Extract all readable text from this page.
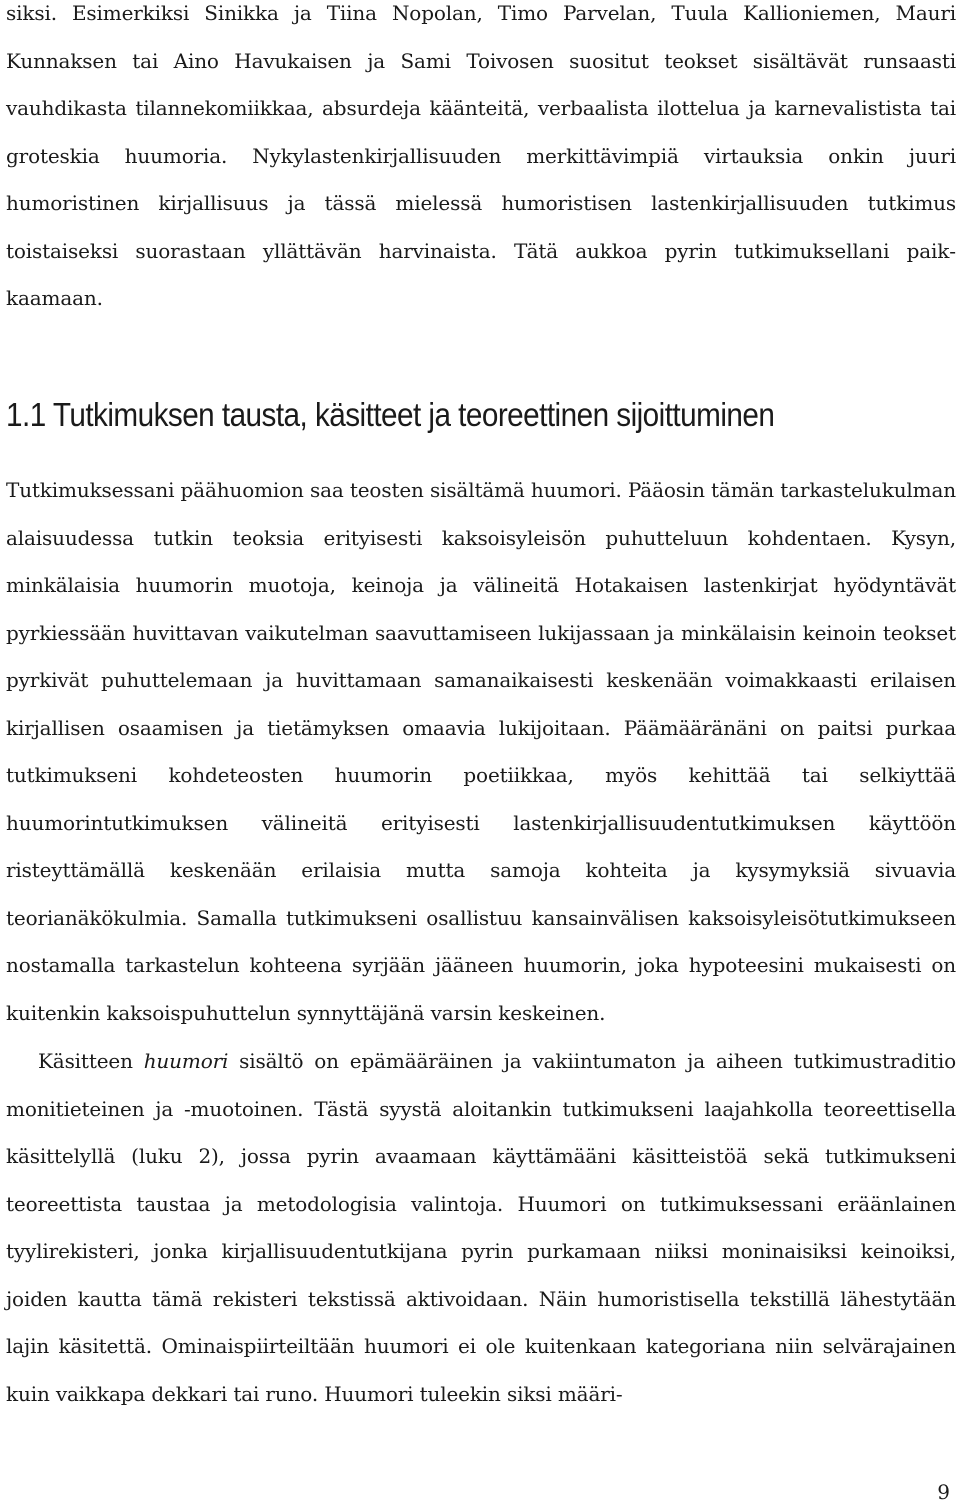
siksi. Esimerkiksi Sinikka ja Tiina Nopolan, Timo Parvelan, Tuula Kallioniemen, Mauri Kunnaksen tai Aino Havukaisen ja Sami Toivosen suositut teokset sisältävät runsaasti vauhdikasta tilannekomiikkaa, absurdeja käänteitä, verbaalista ilottelua ja karnevalistista tai groteskia huumoria. Nykylastenkirjallisuuden merkittävimpiä virtauksia onkin juuri humoristinen kirjallisuus ja tässä mielessä humoristisen lastenkirjallisuuden tutkimus toistaiseksi suorastaan yllättävän harvinaista. Tätä aukkoa pyrin tutkimuksellani paikkaamaan.

1.1 Tutkimuksen tausta, käsitteet ja teoreettinen sijoittuminen

Tutkimuksessani päähuomion saa teosten sisältämä huumori. Pääosin tämän tarkastelukulman alaisuudessa tutkin teoksia erityisesti kaksoisyleisön puhutteluun kohdentaen. Kysyn, minkälaisia huumorin muotoja, keinoja ja välineitä Hotakaisen lastenkirjat hyödyntävät pyrkiessään huvittavan vaikutelman saavuttamiseen lukijassaan ja minkälaisin keinoin teokset pyrkivät puhuttelemaan ja huvittamaan samanaikaisesti keskenään voimakkaasti erilaisen kirjallisen osaamisen ja tietämyksen omaavia lukijoitaan. Päämääränäni on paitsi purkaa tutkimukseni kohdeteosten huumorin poetiikkaa, myös kehittää tai selkiyttää huumorintutkimuksen välineitä erityisesti lastenkirjallisuudentutkimuksen käyttöön risteyttämällä keskenään erilaisia mutta samoja kohteita ja kysymyksiä sivuavia teorianäkökulmia. Samalla tutkimukseni osallistuu kansainvälisen kaksoisyleisötutkimukseen nostamalla tarkastelun kohteena syrjään jääneen huumorin, joka hypoteesini mukaisesti on kuitenkin kaksoispuhuttelun synnyttäjänä varsin keskeinen.

Käsitteen huumori sisältö on epämääräinen ja vakiintumaton ja aiheen tutkimustraditio monitieteinen ja -muotoinen. Tästä syystä aloitankin tutkimukseni laajahkolla teoreettisella käsittelyllä (luku 2), jossa pyrin avaamaan käyttämääni käsitteistöä sekä tutkimukseni teoreettista taustaa ja metodologisia valintoja. Huumori on tutkimuksessani eräänlainen tyylirekisteri, jonka kirjallisuudentutkijana pyrin purkamaan niiksi moninaisiksi keinoiksi, joiden kautta tämä rekisteri tekstissä aktivoidaan. Näin humoristisella tekstillä lähestytään lajin käsitettä. Ominaispiirteiltään huumori ei ole kuitenkaan kategoriana niin selvärajainen kuin vaikkapa dekkari tai runo. Huumori tuleekin siksi määri-

9
